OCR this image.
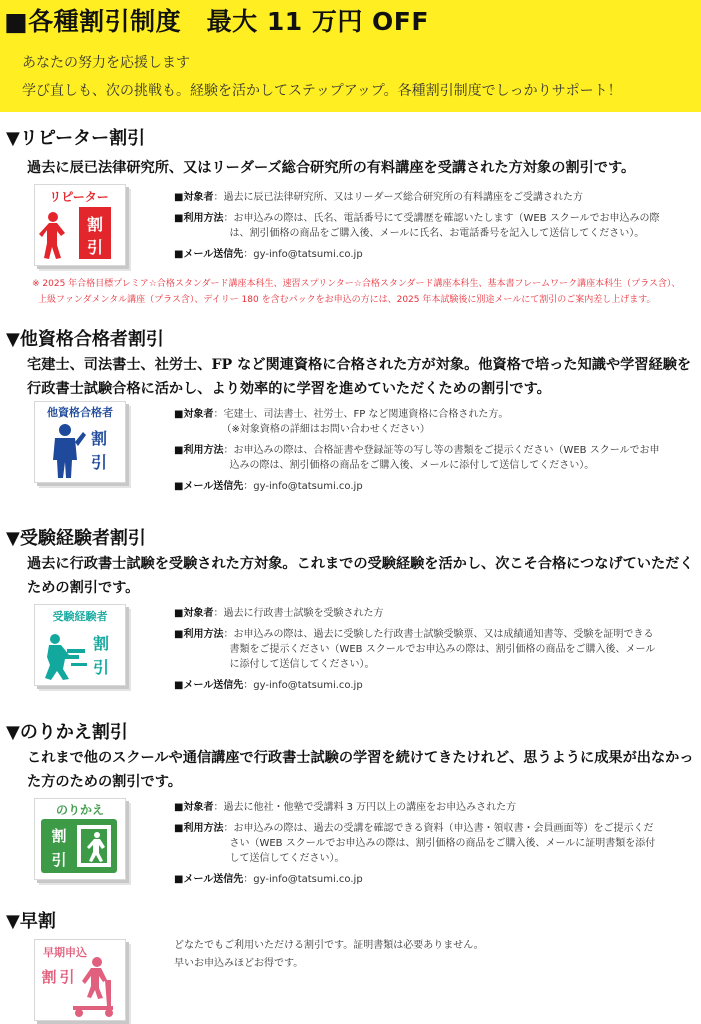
■各種割引制度　最大 11 万円 OFF
あなたの努力を応援します
学び直しも、次の挑戦も。経験を活かしてステップアップ。各種割引制度でしっかりサポート！
▼リピーター割引
過去に辰已法律研究所、又はリーダーズ総合研究所の有料講座を受講された方対象の割引です。
リピーター
割
引
■対象者 ：過去に辰已法律研究所、又はリーダーズ総合研究所の有料講座をご受講された方
■利用方法 ：お申込みの際は、氏名、電話番号にて受講歴を確認いたします（WEB スクールでお申込みの際
は、割引価格の商品をご購入後、メールに氏名、お電話番号を記入して送信してください）。
■メール送信先 ：gy-info@tatsumi.co.jp
※ 2025 年合格目標プレミア☆合格スタンダード講座本科生、速習スプリンター☆合格スタンダード講座本科生、基本書フレームワーク講座本科生（プラス含）、
上級ファンダメンタル講座（プラス含）、デイリー 180 を含むパックをお申込の方には、2025 年本試験後に別途メールにて割引のご案内差し上げます。
▼他資格合格者割引
宅建士、司法書士、社労士、FP など関連資格に合格された方が対象。他資格で培った知識や学習経験を行政書士試験合格に活かし、より効率的に学習を進めていただくための割引です。
他資格合格者
割
引
■対象者 ：宅建士、司法書士、社労士、FP など関連資格に合格された方。
（※対象資格の詳細はお問い合わせください）
■利用方法 ：お申込みの際は、合格証書や登録証等の写し等の書類をご提示ください（WEB スクールでお申
込みの際は、割引価格の商品をご購入後、メールに添付して送信してください）。
■メール送信先 ：gy-info@tatsumi.co.jp
▼受験経験者割引
過去に行政書士試験を受験された方対象。これまでの受験経験を活かし、次こそ合格につなげていただくための割引です。
受験経験者
割
引
■対象者 ：過去に行政書士試験を受験された方
■利用方法 ：お申込みの際は、過去に受験した行政書士試験受験票、又は成績通知書等、受験を証明できる
書類をご提示ください（WEB スクールでお申込みの際は、割引価格の商品をご購入後、メール
に添付して送信してください）。
■メール送信先 ：gy-info@tatsumi.co.jp
▼のりかえ割引
これまで他のスクールや通信講座で行政書士試験の学習を続けてきたけれど、思うように成果が出なかった方のための割引です。
のりかえ
割
引
■対象者 ：過去に他社・他塾で受講料 3 万円以上の講座をお申込みされた方
■利用方法 ：お申込みの際は、過去の受講を確認できる資料（申込書・領収書・会員画面等）をご提示くだ
さい（WEB スクールでお申込みの際は、割引価格の商品をご購入後、メールに証明書類を添付
して送信してください）。
■メール送信先 ：gy-info@tatsumi.co.jp
▼早割
早期申込
割 引
どなたでもご利用いただける割引です。証明書類は必要ありません。
早いお申込みほどお得です。
